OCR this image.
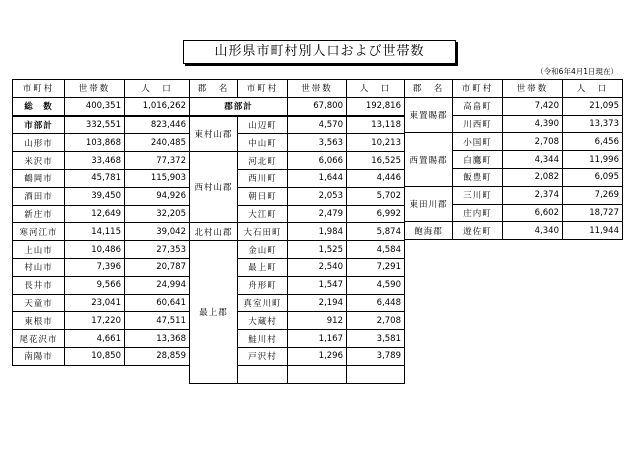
山形県市町村別人口および世帯数
（令和6年4月1日現在）
市町村	世帯数	人　口
総　数	400,351	1,016,262
市部計	332,551	823,446
山形市	103,868	240,485
米沢市	33,468	77,372
鶴岡市	45,781	115,903
酒田市	39,450	94,926
新庄市	12,649	32,205
寒河江市	14,115	39,042
上山市	10,486	27,353
村山市	7,396	20,787
長井市	9,566	24,994
天童市	23,041	60,641
東根市	17,220	47,511
尾花沢市	4,661	13,368
南陽市	10,850	28,859
郡　名	市町村	世帯数	人　口
郡部計		67,800	192,816
東村山郡	山辺町	4,570	13,118
	中山町	3,563	10,213
西村山郡	河北町	6,066	16,525
	西川町	1,644	4,446
	朝日町	2,053	5,702
	大江町	2,479	6,992
北村山郡	大石田町	1,984	5,874
最上郡	金山町	1,525	4,584
	最上町	2,540	7,291
	舟形町	1,547	4,590
	真室川町	2,194	6,448
	大蔵村	912	2,708
	鮭川村	1,167	3,581
	戸沢村	1,296	3,789

郡　名	市町村	世帯数	人　口
東置賜郡	高畠町	7,420	21,095
	川西町	4,390	13,373
西置賜郡	小国町	2,708	6,456
	白鷹町	4,344	11,996
	飯豊町	2,082	6,095
東田川郡	三川町	2,374	7,269
	庄内町	6,602	18,727
飽海郡	遊佐町	4,340	11,944
